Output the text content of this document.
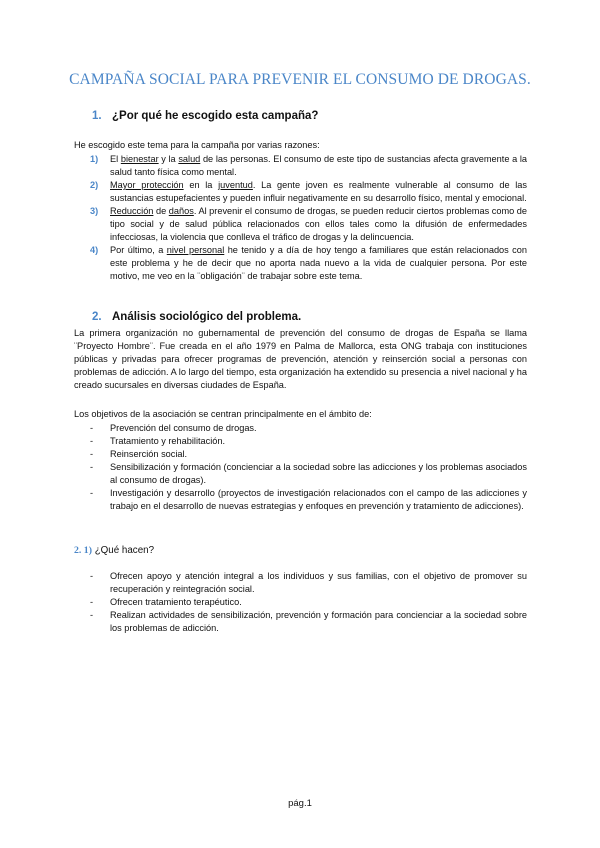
CAMPAÑA SOCIAL PARA PREVENIR EL CONSUMO DE DROGAS.
1. ¿Por qué he escogido esta campaña?
He escogido este tema para la campaña por varias razones:
1) El bienestar y la salud de las personas. El consumo de este tipo de sustancias afecta gravemente a la salud tanto física como mental.
2) Mayor protección en la juventud. La gente joven es realmente vulnerable al consumo de las sustancias estupefacientes y pueden influir negativamente en su desarrollo físico, mental y emocional.
3) Reducción de daños. Al prevenir el consumo de drogas, se pueden reducir ciertos problemas como de tipo social y de salud pública relacionados con ellos tales como la difusión de enfermedades infecciosas, la violencia que conlleva el tráfico de drogas y la delincuencia.
4) Por último, a nivel personal he tenido y a día de hoy tengo a familiares que están relacionados con este problema y he de decir que no aporta nada nuevo a la vida de cualquier persona. Por este motivo, me veo en la ¨obligación¨ de trabajar sobre este tema.
2. Análisis sociológico del problema.
La primera organización no gubernamental de prevención del consumo de drogas de España se llama ¨Proyecto Hombre¨. Fue creada en el año 1979 en Palma de Mallorca, esta ONG trabaja con instituciones públicas y privadas para ofrecer programas de prevención, atención y reinserción social a personas con problemas de adicción. A lo largo del tiempo, esta organización ha extendido su presencia a nivel nacional y ha creado sucursales en diversas ciudades de España.
Los objetivos de la asociación se centran principalmente en el ámbito de:
- Prevención del consumo de drogas.
- Tratamiento y rehabilitación.
- Reinserción social.
- Sensibilización y formación (concienciar a la sociedad sobre las adicciones y los problemas asociados al consumo de drogas).
- Investigación y desarrollo (proyectos de investigación relacionados con el campo de las adicciones y trabajo en el desarrollo de nuevas estrategias y enfoques en prevención y tratamiento de adicciones).
2. 1) ¿Qué hacen?
- Ofrecen apoyo y atención integral a los individuos y sus familias, con el objetivo de promover su recuperación y reintegración social.
- Ofrecen tratamiento terapéutico.
- Realizan actividades de sensibilización, prevención y formación para concienciar a la sociedad sobre los problemas de adicción.
pág.1
